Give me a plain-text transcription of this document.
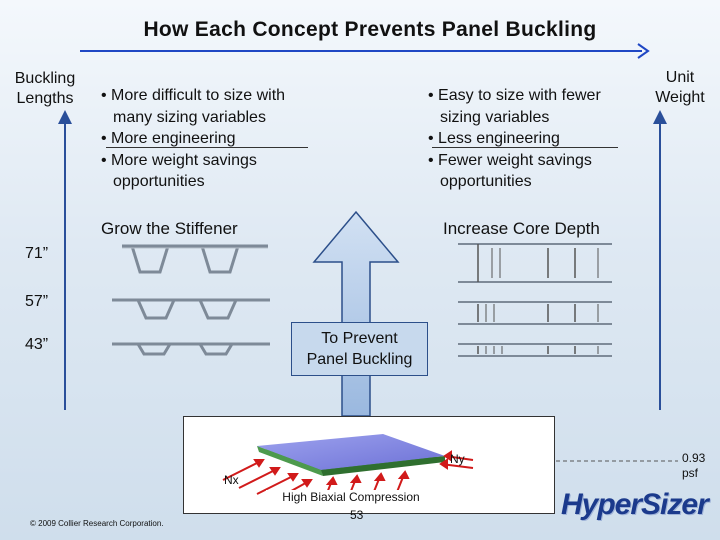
How Each Concept Prevents Panel Buckling
Buckling
Lengths
Unit
Weight
• More difficult to size with many sizing variables
• More engineering
• More weight savings opportunities
• Easy to size with fewer sizing variables
• Less engineering
• Fewer weight savings opportunities
Grow the Stiffener	Increase Core Depth
71”
57”
43”	To Prevent
Panel Buckling
Nx
Ny
High Biaxial Compression
53
0.93
psf
© 2009 Collier Research Corporation.
HyperSizer
